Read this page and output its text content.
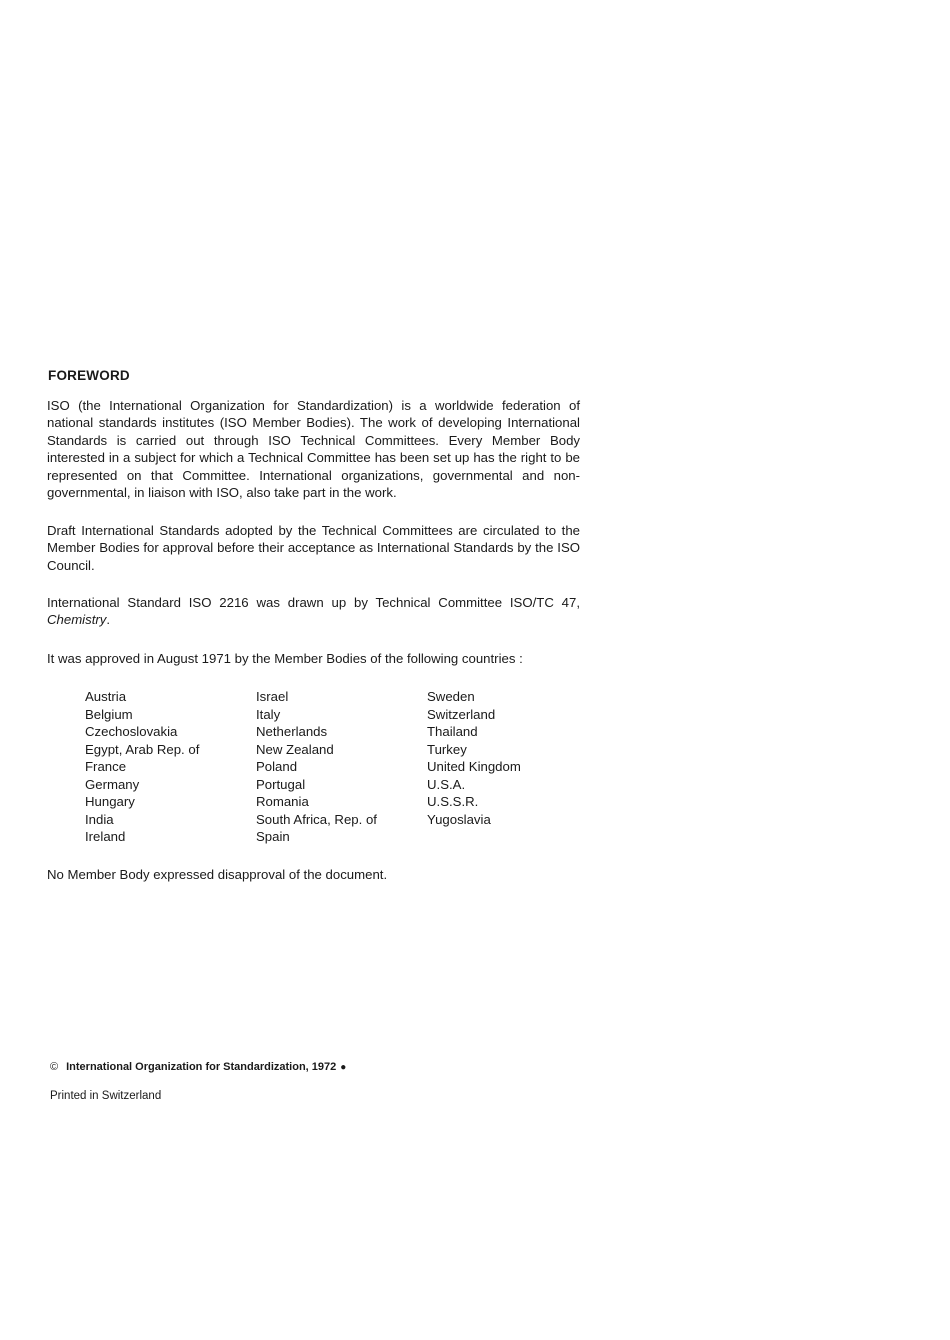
FOREWORD

ISO (the International Organization for Standardization) is a worldwide federation of national standards institutes (ISO Member Bodies). The work of developing International Standards is carried out through ISO Technical Committees. Every Member Body interested in a subject for which a Technical Committee has been set up has the right to be represented on that Committee. International organizations, governmental and non-governmental, in liaison with ISO, also take part in the work.

Draft International Standards adopted by the Technical Committees are circulated to the Member Bodies for approval before their acceptance as International Standards by the ISO Council.

International Standard ISO 2216 was drawn up by Technical Committee ISO/TC 47, Chemistry.

It was approved in August 1971 by the Member Bodies of the following countries :

Austria
Belgium
Czechoslovakia
Egypt, Arab Rep. of
France
Germany
Hungary
India
Ireland
Israel
Italy
Netherlands
New Zealand
Poland
Portugal
Romania
South Africa, Rep. of
Spain
Sweden
Switzerland
Thailand
Turkey
United Kingdom
U.S.A.
U.S.S.R.
Yugoslavia

No Member Body expressed disapproval of the document.

© International Organization for Standardization, 1972 ●
Printed in Switzerland
